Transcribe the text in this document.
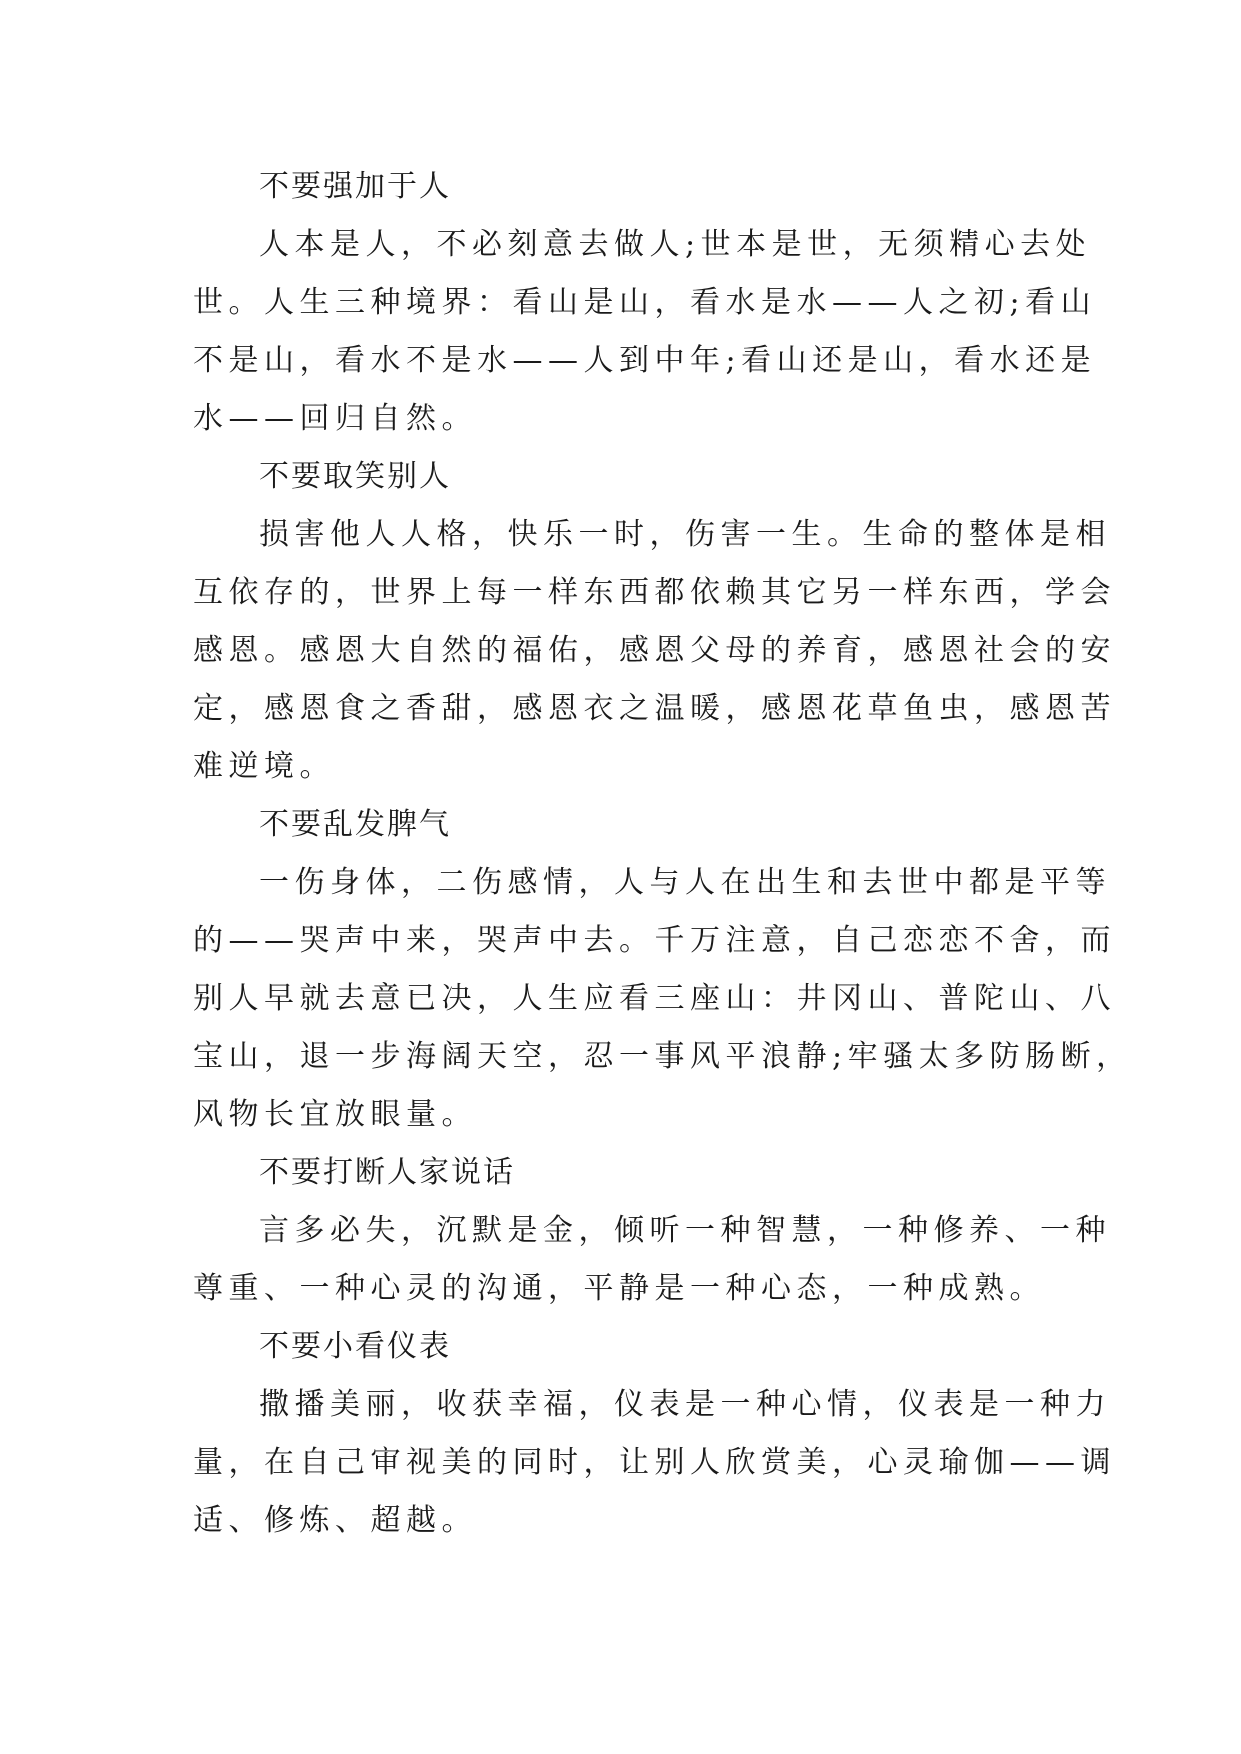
不要强加于人

人本是人，不必刻意去做人;世本是世，无须精心去处
世。人生三种境界：看山是山，看水是水——人之初;看山
不是山，看水不是水——人到中年;看山还是山，看水还是
水——回归自然。

不要取笑别人

损害他人人格，快乐一时，伤害一生。生命的整体是相
互依存的，世界上每一样东西都依赖其它另一样东西，学会
感恩。感恩大自然的福佑，感恩父母的养育，感恩社会的安
定，感恩食之香甜，感恩衣之温暖，感恩花草鱼虫，感恩苦
难逆境。

不要乱发脾气

一伤身体，二伤感情，人与人在出生和去世中都是平等
的——哭声中来，哭声中去。千万注意，自己恋恋不舍，而
别人早就去意已决，人生应看三座山：井冈山、普陀山、八
宝山，退一步海阔天空，忍一事风平浪静;牢骚太多防肠断，
风物长宜放眼量。

不要打断人家说话

言多必失，沉默是金，倾听一种智慧，一种修养、一种
尊重、一种心灵的沟通，平静是一种心态，一种成熟。

不要小看仪表

撒播美丽，收获幸福，仪表是一种心情，仪表是一种力
量，在自己审视美的同时，让别人欣赏美，心灵瑜伽——调
适、修炼、超越。
